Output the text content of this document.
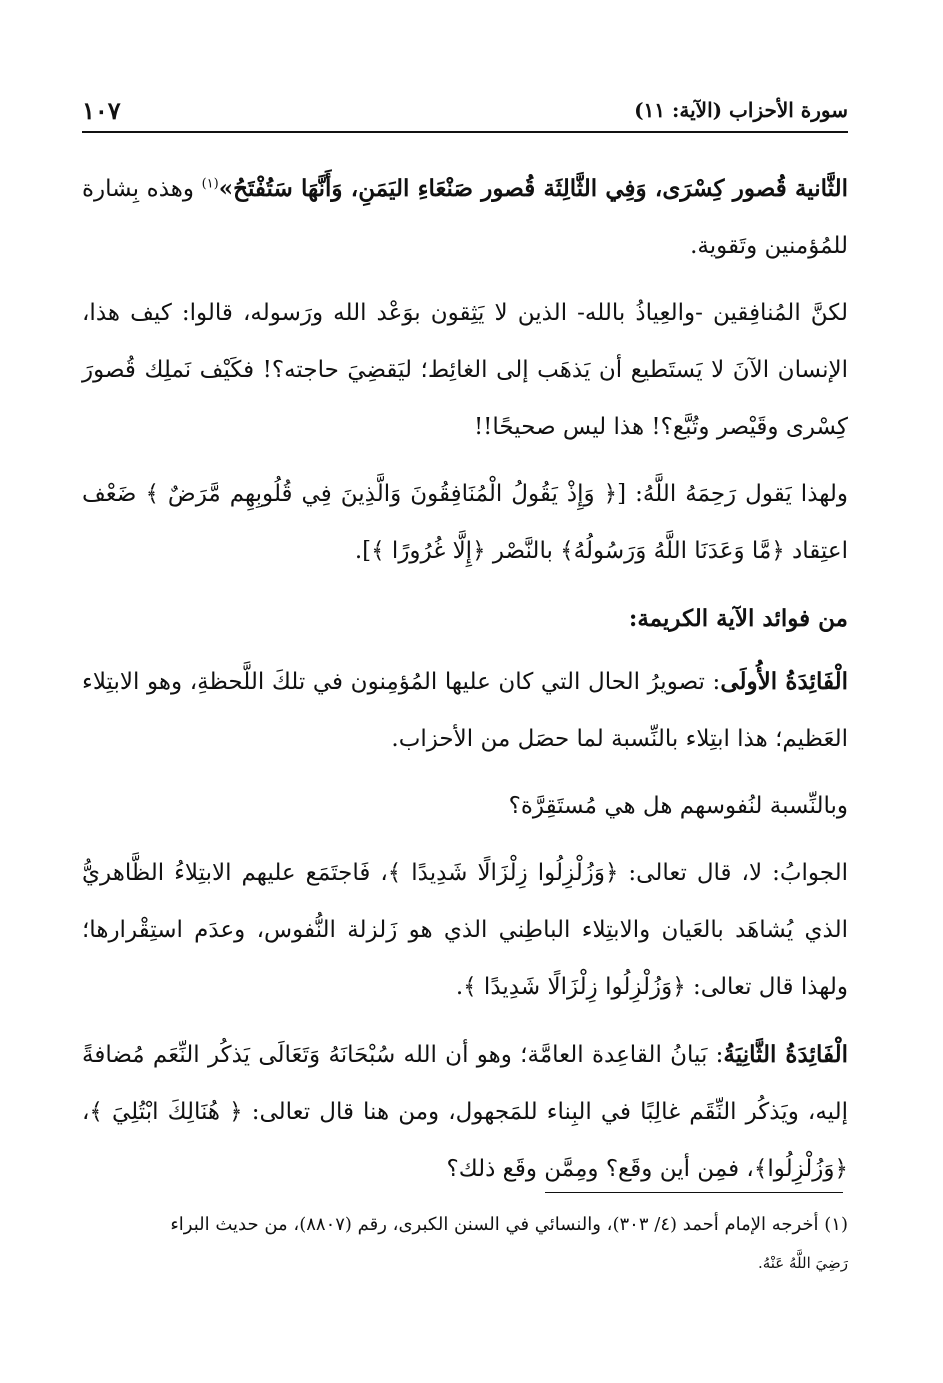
سورة الأحزاب (الآية: ١١)
١٠٧

الثَّانية قُصور كِسْرَى، وَفِي الثَّالِثَة قُصور صَنْعَاءِ اليَمَنِ، وَأَنَّهَا سَتُفْتَحُ»$^{(١)}$ وهذه بِشارة للمُؤمنين وتَقوية.

لكنَّ المُنافِقين -والعِياذُ بالله- الذين لا يَثِقون بوَعْد الله ورَسوله، قالوا: كيف هذا، الإنسان الآنَ لا يَستَطيع أن يَذهَب إلى الغائِط؛ ليَقضِيَ حاجته؟! فكَيْف نَملِك قُصورَ كِسْرى وقَيْصر وتُبَّع؟! هذا ليس صحيحًا!!

ولهذا يَقول رَحِمَهُ اللَّهُ: [﴿ وَإِذْ يَقُولُ الْمُنَافِقُونَ وَالَّذِينَ فِي قُلُوبِهِم مَّرَضٌ ﴾ ضَعْف اعتِقاد ﴿مَّا وَعَدَنَا اللَّهُ وَرَسُولُهُ﴾ بالنَّصْر ﴿إِلَّا غُرُورًا ﴾].

من فوائد الآية الكريمة:

الْفَائِدَةُ الأُولَى: تصويرُ الحال التي كان عليها المُؤمِنون في تلكَ اللَّحظةِ، وهو الابتِلاء العَظيم؛ هذا ابتِلاء بالنِّسبة لما حصَل من الأحزاب.

وبالنِّسبة لنُفوسهم هل هي مُستَقِرَّة؟

الجوابُ: لا، قال تعالى: ﴿وَزُلْزِلُوا زِلْزَالًا شَدِيدًا ﴾، فَاجتَمَع عليهم الابتِلاءُ الظَّاهريُّ الذي يُشاهَد بالعَيان والابتِلاء الباطِني الذي هو زَلزلة النُّفوس، وعدَم استِقْرارها؛ ولهذا قال تعالى: ﴿وَزُلْزِلُوا زِلْزَالًا شَدِيدًا ﴾.

الْفَائِدَةُ الثَّانِيَةُ: بَيانُ القاعِدة العامَّة؛ وهو أن الله سُبْحَانَهُ وَتَعَالَى يَذكُر النِّعَم مُضافةً إليه، ويَذكُر النِّقَم غالِبًا في البِناء للمَجهول، ومن هنا قال تعالى: ﴿ هُنَالِكَ ابْتُلِيَ ﴾، ﴿وَزُلْزِلُوا﴾، فمِن أين وقَع؟ ومِمَّن وقَع ذلك؟

(١) أخرجه الإمام أحمد (٤/ ٣٠٣)، والنسائي في السنن الكبرى، رقم (٨٨٠٧)، من حديث البراء
رَضِيَ اللَّهُ عَنْهُ.
